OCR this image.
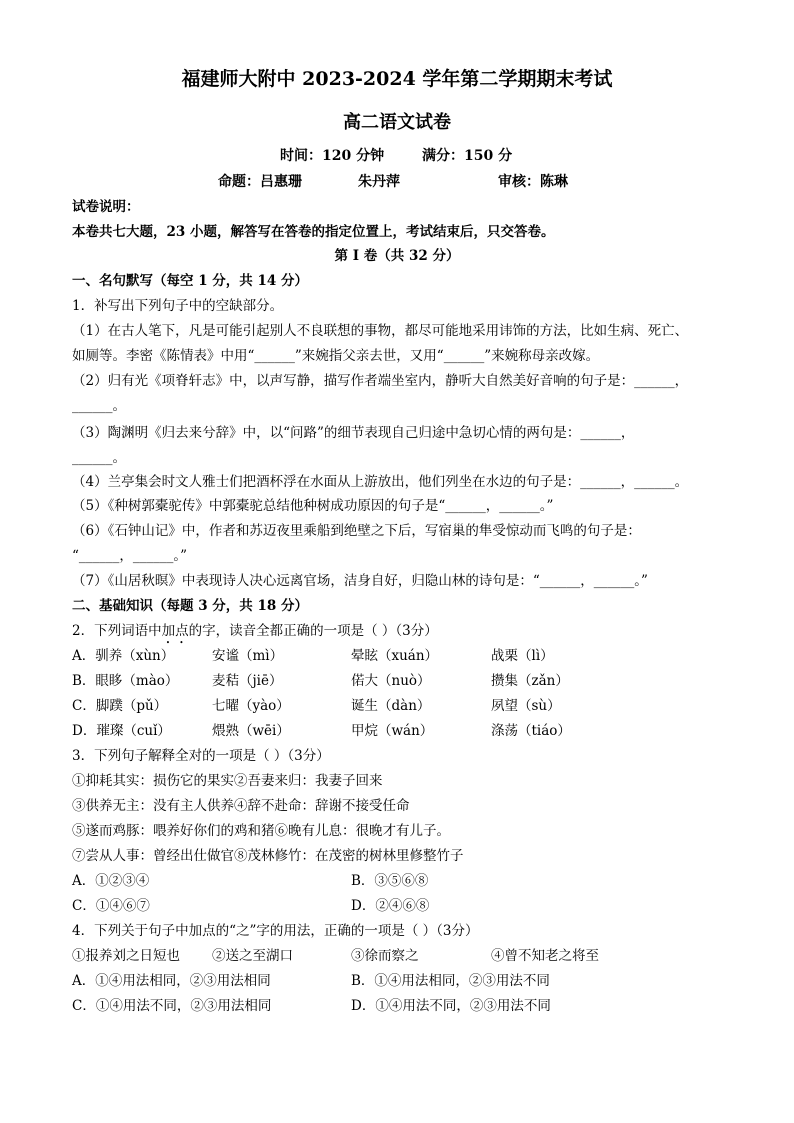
福建师大附中 2023-2024 学年第二学期期末考试
高二语文试卷
时间：120 分钟	满分：150 分
命题：吕惠珊	朱丹萍	审核：陈琳
试卷说明：
本卷共七大题，23 小题，解答写在答卷的指定位置上，考试结束后，只交答卷。
第 I 卷（共 32 分）
一、名句默写（每空 1 分，共 14 分）
1．补写出下列句子中的空缺部分。
（1）在古人笔下，凡是可能引起别人不良联想的事物，都尽可能地采用讳饰的方法，比如生病、死亡、
如厕等。李密《陈情表》中用“______”来婉指父亲去世，又用“______”来婉称母亲改嫁。
（2）归有光《项脊轩志》中，以声写静，描写作者端坐室内，静听大自然美好音响的句子是：______，
______。
（3）陶渊明《归去来兮辞》中，以“问路”的细节表现自己归途中急切心情的两句是：______，
______。
（4）兰亭集会时文人雅士们把酒杯浮在水面从上游放出，他们列坐在水边的句子是：______，______。
（5）《种树郭橐驼传》中郭橐驼总结他种树成功原因的句子是“______，______。”
（6）《石钟山记》中，作者和苏迈夜里乘船到绝壁之下后，写宿巢的隼受惊动而飞鸣的句子是：
“______，______。”
（7）《山居秋暝》中表现诗人决心远离官场，洁身自好，归隐山林的诗句是：“______，______。”
二、基础知识（每题 3 分，共 18 分）
2．下列词语中加点的字，读音全都正确的一项是（ ）（3分）
A．驯养（xùn）	安谧（mì）	晕眩（xuán）	战栗（lì）
B．眼眵（mào） 麦秸（jiē）	偌大（nuò）	攒集（zǎn）
C．脚蹼（pǔ）	七曜（yào）	诞生（dàn）	夙望（sù）
D．璀璨（cuǐ）	煨熟（wēi）	甲烷（wán）	涤荡（tiáo）
3．下列句子解释全对的一项是（ ）（3分）
①抑耗其实：损伤它的果实②吾妻来归：我妻子回来
③供养无主：没有主人供养④辞不赴命：辞谢不接受任命
⑤遂而鸡豚：喂养好你们的鸡和猪⑥晚有儿息：很晚才有儿子。
⑦尝从人事：曾经出仕做官⑧茂林修竹：在茂密的树林里修整竹子
A．①②③④	B．③⑤⑥⑧
C．①④⑥⑦	D．②④⑥⑧
4．下列关于句子中加点的“之”字的用法，正确的一项是（ ）（3分）
①报养刘之日短也 ②送之至湖口	③徐而察之	④曾不知老之将至
A．①④用法相同，②③用法相同	B．①④用法相同，②③用法不同
C．①④用法不同，②③用法相同	D．①④用法不同，②③用法不同
